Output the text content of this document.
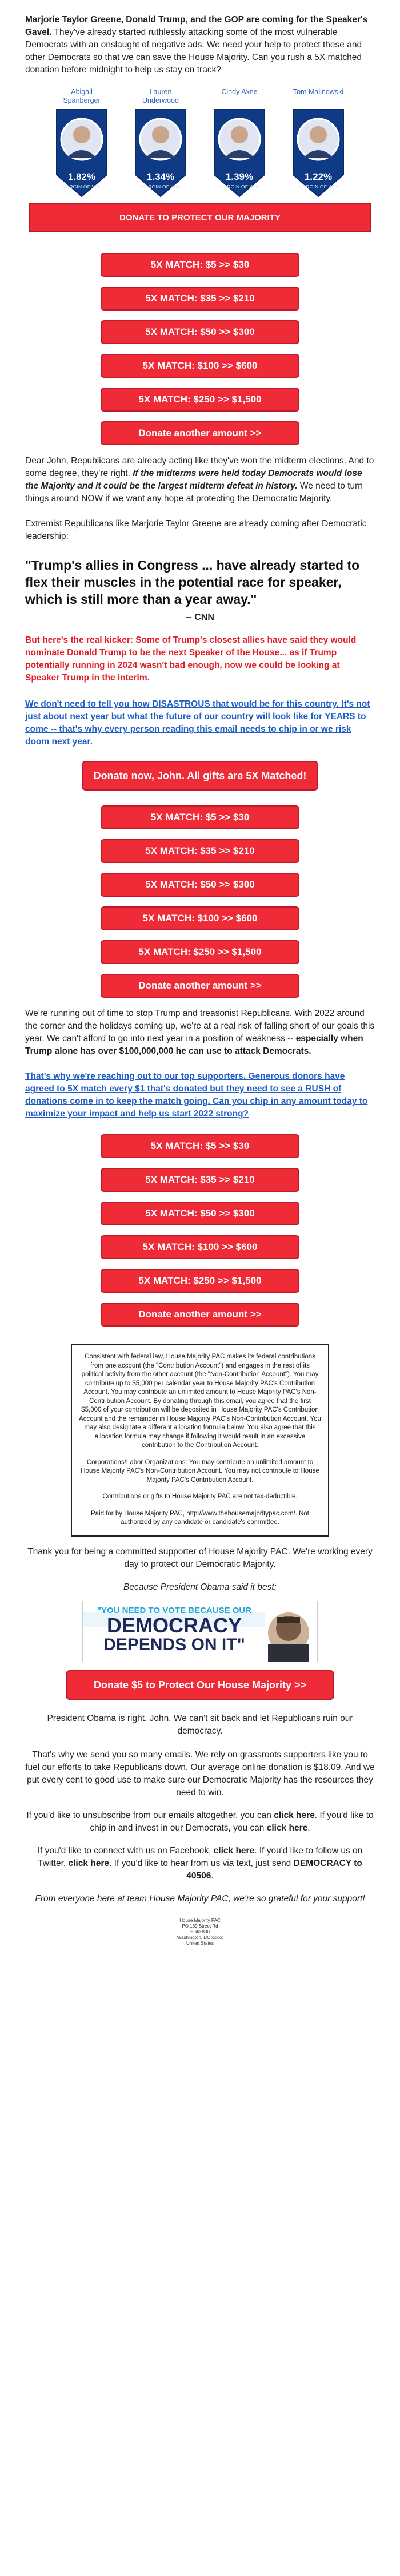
Marjorie Taylor Greene, Donald Trump, and the GOP are coming for the Speaker's Gavel. They've already started ruthlessly attacking some of the most vulnerable Democrats with an onslaught of negative ads. We need your help to protect these and other Democrats so that we can save the House Majority. Can you rush a 5X matched donation before midnight to help us stay on track?

Abigail Spanberger
1.82%
MARGIN OF WIN
Lauren Underwood
1.34%
MARGIN OF WIN
Cindy Axne
1.39%
MARGIN OF WIN
Tom Malinowski
1.22%
MARGIN OF WIN
DONATE TO PROTECT OUR MAJORITY
5X MATCH: $5 >> $30
5X MATCH: $35 >> $210
5X MATCH: $50 >> $300
5X MATCH: $100 >> $600
5X MATCH: $250 >> $1,500
Donate another amount >>

Dear John, Republicans are already acting like they've won the midterm elections. And to some degree, they're right. If the midterms were held today Democrats would lose the Majority and it could be the largest midterm defeat in history. We need to turn things around NOW if we want any hope at protecting the Democratic Majority.

Extremist Republicans like Marjorie Taylor Greene are already coming after Democratic leadership:

"Trump's allies in Congress ... have already started to flex their muscles in the potential race for speaker, which is still more than a year away."

-- CNN

But here's the real kicker: Some of Trump's closest allies have said they would nominate Donald Trump to be the next Speaker of the House... as if Trump potentially running in 2024 wasn't bad enough, now we could be looking at Speaker Trump in the interim.

We don't need to tell you how DISASTROUS that would be for this country. It's not just about next year but what the future of our country will look like for YEARS to come -- that's why every person reading this email needs to chip in or we risk doom next year.

Donate now, John. All gifts are 5X Matched!
5X MATCH: $5 >> $30
5X MATCH: $35 >> $210
5X MATCH: $50 >> $300
5X MATCH: $100 >> $600
5X MATCH: $250 >> $1,500
Donate another amount >>

We're running out of time to stop Trump and treasonist Republicans. With 2022 around the corner and the holidays coming up, we're at a real risk of falling short of our goals this year. We can't afford to go into next year in a position of weakness -- especially when Trump alone has over $100,000,000 he can use to attack Democrats.

That's why we're reaching out to our top supporters. Generous donors have agreed to 5X match every $1 that's donated but they need to see a RUSH of donations come in to keep the match going. Can you chip in any amount today to maximize your impact and help us start 2022 strong?

5X MATCH: $5 >> $30
5X MATCH: $35 >> $210
5X MATCH: $50 >> $300
5X MATCH: $100 >> $600
5X MATCH: $250 >> $1,500
Donate another amount >>

Consistent with federal law, House Majority PAC makes its federal contributions from one account (the "Contribution Account") and engages in the rest of its political activity from the other account (the "Non-Contribution Account"). You may contribute up to $5,000 per calendar year to House Majority PAC's Contribution Account. You may contribute an unlimited amount to House Majority PAC's Non-Contribution Account. By donating through this email, you agree that the first $5,000 of your contribution will be deposited in House Majority PAC's Contribution Account and the remainder in House Majority PAC's Non-Contribution Account. You may also designate a different allocation formula below. You also agree that this allocation formula may change if following it would result in an excessive contribution to the Contribution Account.

Corporations/Labor Organizations: You may contribute an unlimited amount to House Majority PAC's Non-Contribution Account. You may not contribute to House Majority PAC's Contribution Account.

Contributions or gifts to House Majority PAC are not tax-deductible.

Paid for by House Majority PAC, http://www.thehousemajoritypac.com/. Not authorized by any candidate or candidate's committee.

Thank you for being a committed supporter of House Majority PAC. We're working every day to protect our Democratic Majority.

Because President Obama said it best:

"YOU NEED TO VOTE BECAUSE OUR
DEMOCRACY
DEPENDS ON IT"
Donate $5 to Protect Our House Majority >>

President Obama is right, John. We can't sit back and let Republicans ruin our democracy.

That's why we send you so many emails. We rely on grassroots supporters like you to fuel our efforts to take Republicans down. Our average online donation is $18.09. And we put every cent to good use to make sure our Democratic Majority has the resources they need to win.

If you'd like to unsubscribe from our emails altogether, you can click here. If you'd like to chip in and invest in our Democrats, you can click here.

If you'd like to connect with us on Facebook, click here. If you'd like to follow us on Twitter, click here. If you'd like to hear from us via text, just send DEMOCRACY to 40506.

From everyone here at team House Majority PAC, we're so grateful for your support!

House Majority PAC
PO 169 Street Rd
Suite 800
Washington, DC xxxxx
United States
